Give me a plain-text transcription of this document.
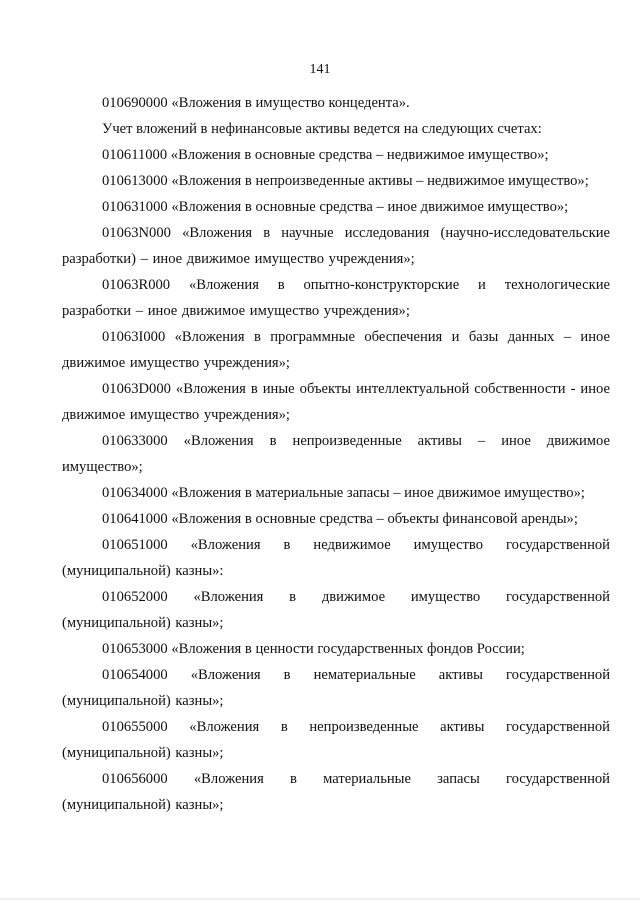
141

010690000 «Вложения в имущество концедента».

Учет вложений в нефинансовые активы ведется на следующих счетах:

010611000 «Вложения в основные средства – недвижимое имущество»;

010613000 «Вложения в непроизведенные активы – недвижимое имущество»;

010631000 «Вложения в основные средства – иное движимое имущество»;

01063N000 «Вложения в научные исследования (научно-исследовательские разработки) – иное движимое имущество учреждения»;

01063R000 «Вложения в опытно-конструкторские и технологические разработки – иное движимое имущество учреждения»;

01063I000 «Вложения в программные обеспечения и базы данных – иное движимое имущество учреждения»;

01063D000 «Вложения в иные объекты интеллектуальной собственности - иное движимое имущество учреждения»;

010633000 «Вложения в непроизведенные активы – иное движимое имущество»;

010634000 «Вложения в материальные запасы – иное движимое имущество»;

010641000 «Вложения в основные средства – объекты финансовой аренды»;

010651000 «Вложения в недвижимое имущество государственной (муниципальной) казны»:

010652000 «Вложения в движимое имущество государственной (муниципальной) казны»;

010653000 «Вложения в ценности государственных фондов России;

010654000 «Вложения в нематериальные активы государственной (муниципальной) казны»;

010655000 «Вложения в непроизведенные активы государственной (муниципальной) казны»;

010656000 «Вложения в материальные запасы государственной (муниципальной) казны»;
